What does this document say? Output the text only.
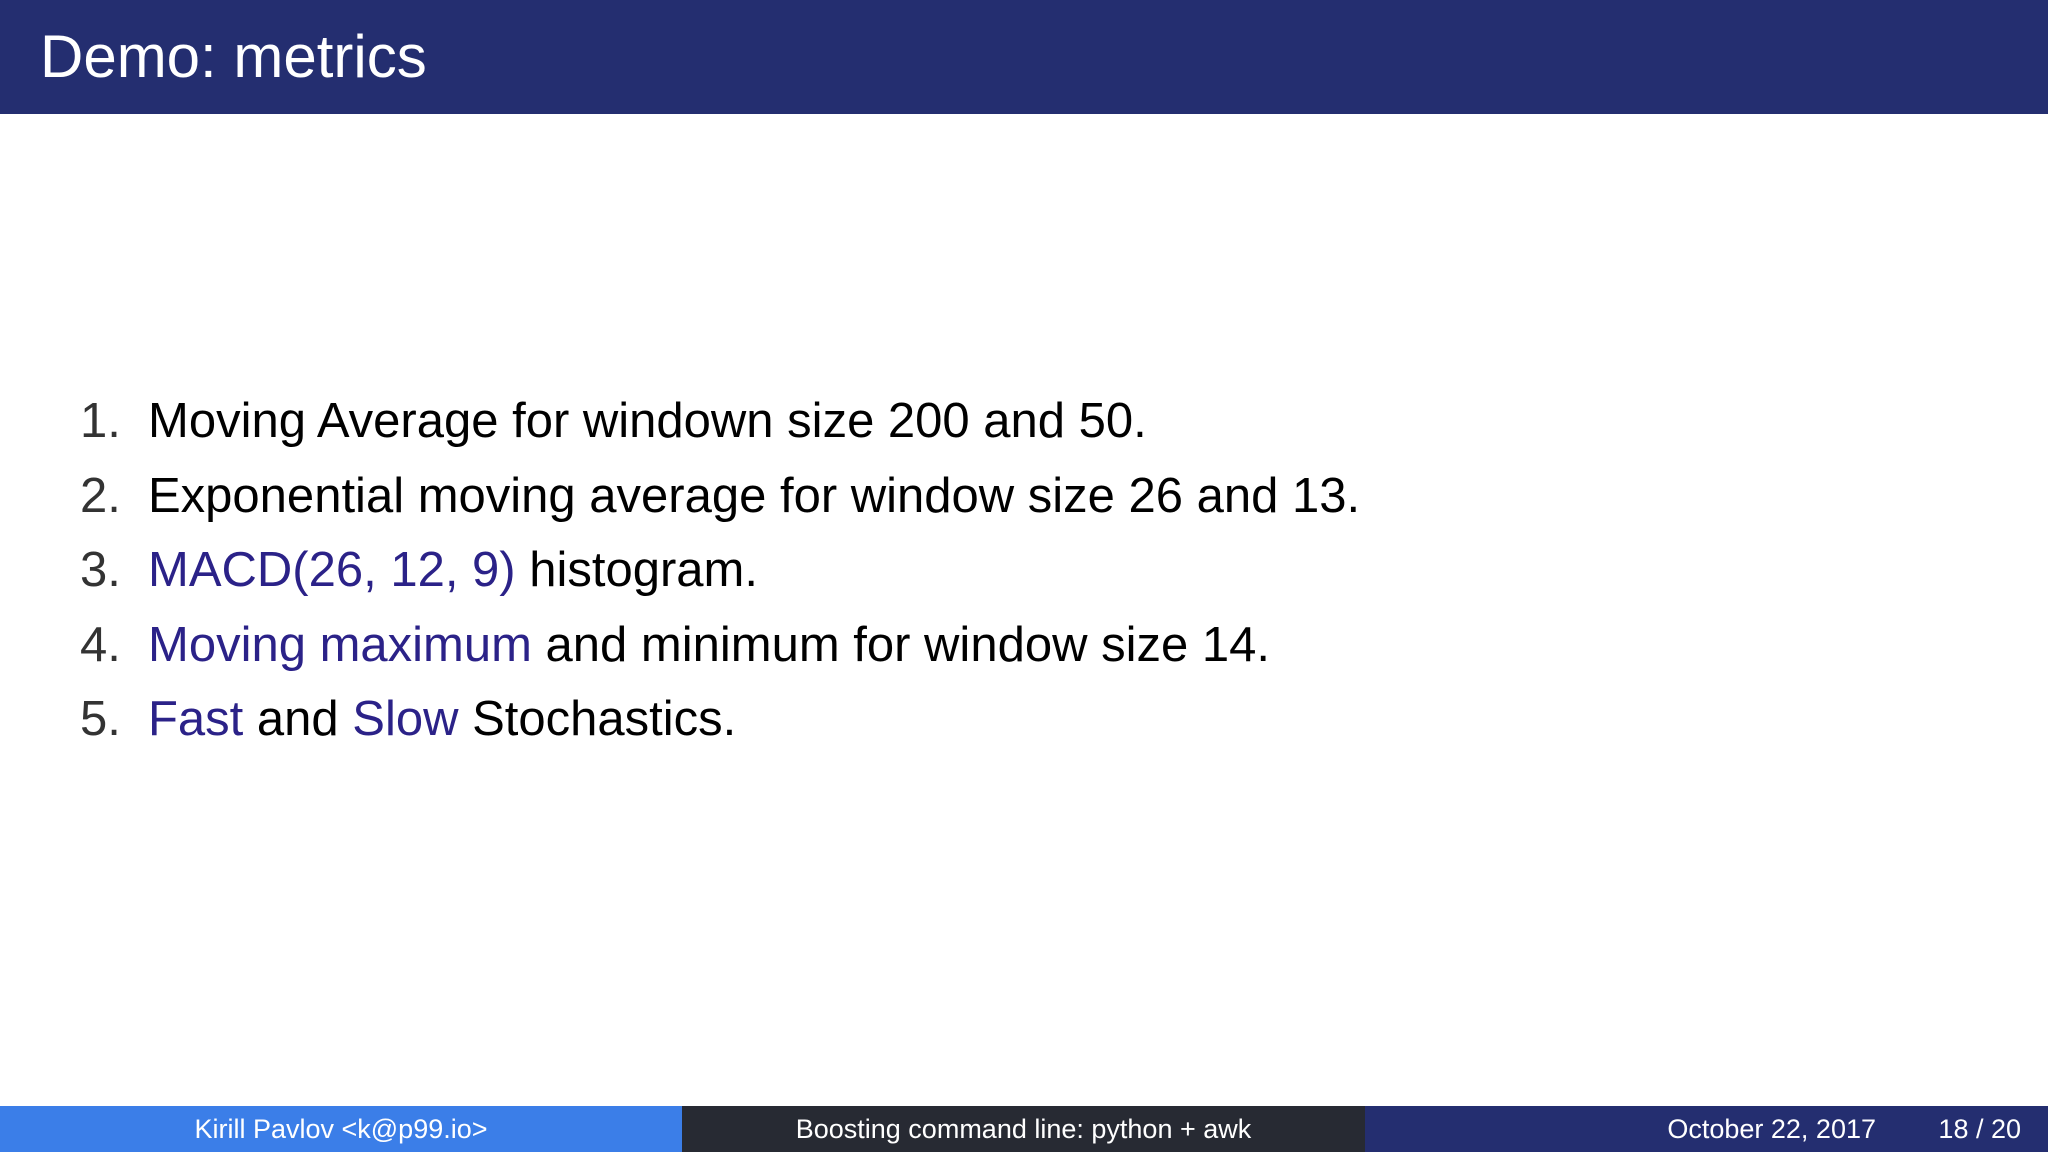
Demo: metrics
1. Moving Average for windown size 200 and 50.
2. Exponential moving average for window size 26 and 13.
3. MACD(26, 12, 9) histogram.
4. Moving maximum and minimum for window size 14.
5. Fast and Slow Stochastics.
Kirill Pavlov <k@p99.io>	Boosting command line: python + awk	October 22, 2017 18 / 20
